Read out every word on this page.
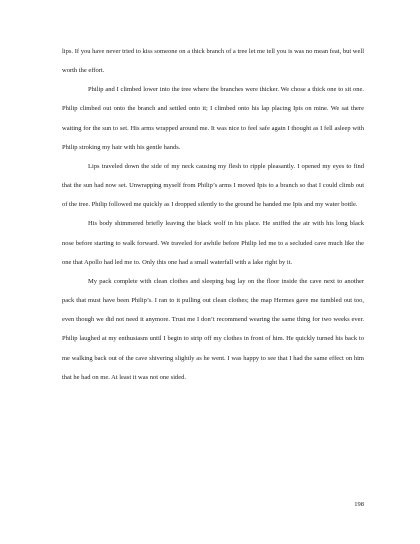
lips. If you have never tried to kiss someone on a thick branch of a tree let me tell you is was no mean feat, but well worth the effort.

Philip and I climbed lower into the tree where the branches were thicker. We chose a thick one to sit one. Philip climbed out onto the branch and settled onto it; I climbed onto his lap placing Ipis on mine. We sat there waiting for the sun to set. His arms wrapped around me. It was nice to feel safe again I thought as I fell asleep with Philip stroking my hair with his gentle hands.

Lips traveled down the side of my neck causing my flesh to ripple pleasantly. I opened my eyes to find that the sun had now set. Unwrapping myself from Philip’s arms I moved Ipis to a branch so that I could climb out of the tree. Philip followed me quickly as I dropped silently to the ground he handed me Ipis and my water bottle.

His body shimmered briefly leaving the black wolf in his place. He sniffed the air with his long black nose before starting to walk forward. We traveled for awhile before Philip led me to a secluded cave much like the one that Apollo had led me to. Only this one had a small waterfall with a lake right by it.

My pack complete with clean clothes and sleeping bag lay on the floor inside the cave next to another pack that must have been Philip’s. I ran to it pulling out clean clothes; the map Hermes gave me tumbled out too, even though we did not need it anymore. Trust me I don’t recommend wearing the same thing for two weeks ever. Philip laughed at my enthusiasm until I begin to strip off my clothes in front of him. He quickly turned his back to me walking back out of the cave shivering slightly as he went. I was happy to see that I had the same effect on him that he had on me. At least it was not one sided.

198
